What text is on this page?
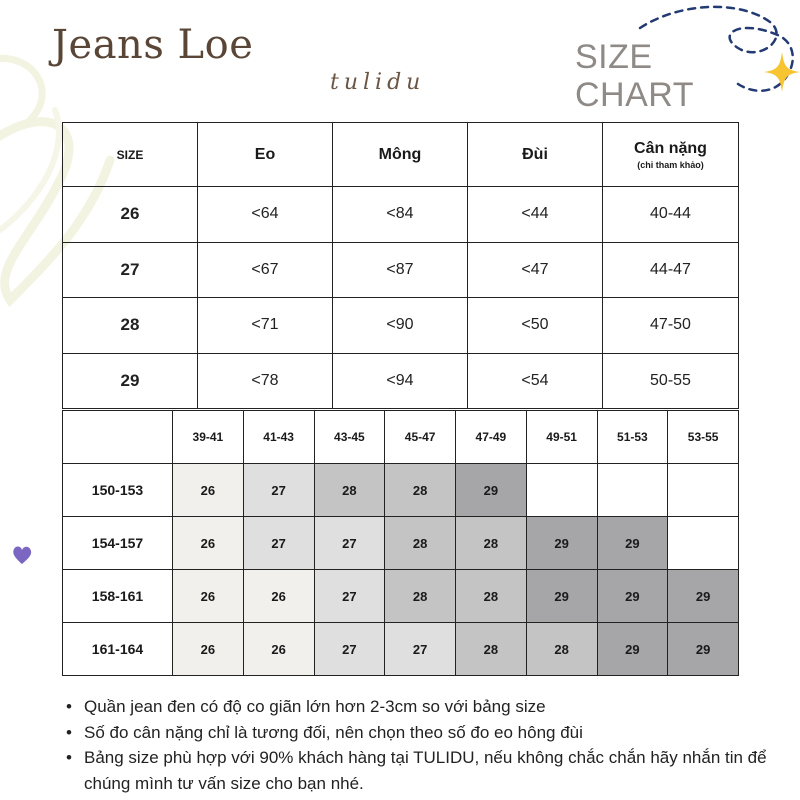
Jeans Loe
tulidu
SIZE
CHART
SIZE	Eo	Mông	Đùi	Cân nặng
(chỉ tham khảo)

26	<64	<84	<44	40-44
27	<67	<87	<47	44-47
28	<71	<90	<50	47-50
29	<78	<94	<54	50-55
	39-41	41-43	43-45	45-47	47-49	49-51	51-53	53-55
150-153	26	27	28	28	29			
154-157	26	27	27	28	28	29	29	
158-161	26	26	27	28	28	29	29	29
161-164	26	26	27	27	28	28	29	29
• Quần jean đen có độ co giãn lớn hơn 2-3cm so với bảng size
• Số đo cân nặng chỉ là tương đối, nên chọn theo số đo eo hông đùi
• Bảng size phù hợp với 90% khách hàng tại TULIDU, nếu không chắc chắn hãy nhắn tin để chúng mình tư vấn size cho bạn nhé.
